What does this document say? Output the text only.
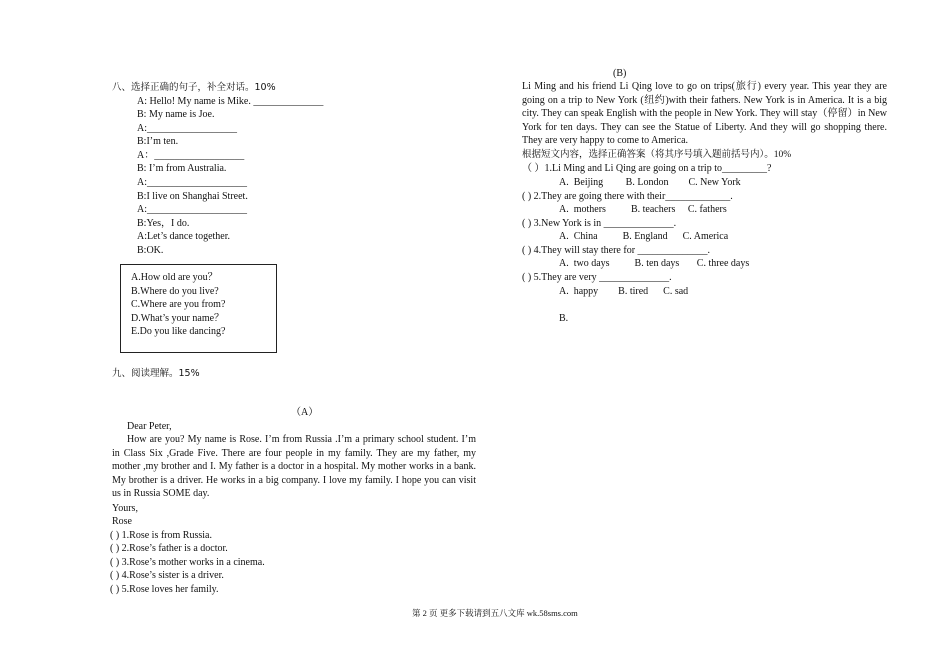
八、选择正确的句子，补全对话。10%
A: Hello! My name is Mike. ______________
B: My name is Joe.
A:__________________
B:I’m ten.
A：__________________
B: I’m from Australia.
A:____________________
B:I live on Shanghai Street.
A:____________________
B:Yes，I do.
A:Let’s dance together.
B:OK.
A.How old are you？
B.Where do you live?
C.Where are you from?
D.What’s your name？
E.Do you like dancing?
九、阅读理解。15%
（A）
Dear Peter,
How are you? My name is Rose. I’m from Russia .I’m a primary school student. I’m in Class Six ,Grade Five. There are four people in my family. They are my father, my mother ,my brother and I. My father is a doctor in a hospital. My mother works in a bank. My brother is a driver. He works in a big company. I love my family. I hope you can visit us in Russia SOME day.
Yours,
Rose
( ) 1.Rose is from Russia.
( ) 2.Rose’s father is a doctor.
( ) 3.Rose’s mother works in a cinema.
( ) 4.Rose’s sister is a driver.
( ) 5.Rose loves her family.
(B)
Li Ming and his friend Li Qing love to go on trips(旅行) every year. This year they are going on a trip to New York (纽约)with their fathers. New York is in America. It is a big city. They can speak English with the people in New York. They will stay（停留）in New York for ten days. They can see the Statue of Liberty. And they will go shopping there. They are very happy to come to America.
根据短文内容，选择正确答案（将其序号填入题前括号内）。10%
（ ）1.Li Ming and Li Qing are going on a trip to_________?
A.  Beijing         B. London        C. New York
( ) 2.They are going there with their_____________.
A.  mothers          B. teachers     C. fathers
( ) 3.New York is in ______________.
A.  China          B. England      C. America
( ) 4.They will stay there for ______________.
A.  two days          B. ten days       C. three days
( ) 5.They are very ______________.
A.  happy        B. tired      C. sad
B.
第 2 页 更多下载请到五八文库 wk.58sms.com
